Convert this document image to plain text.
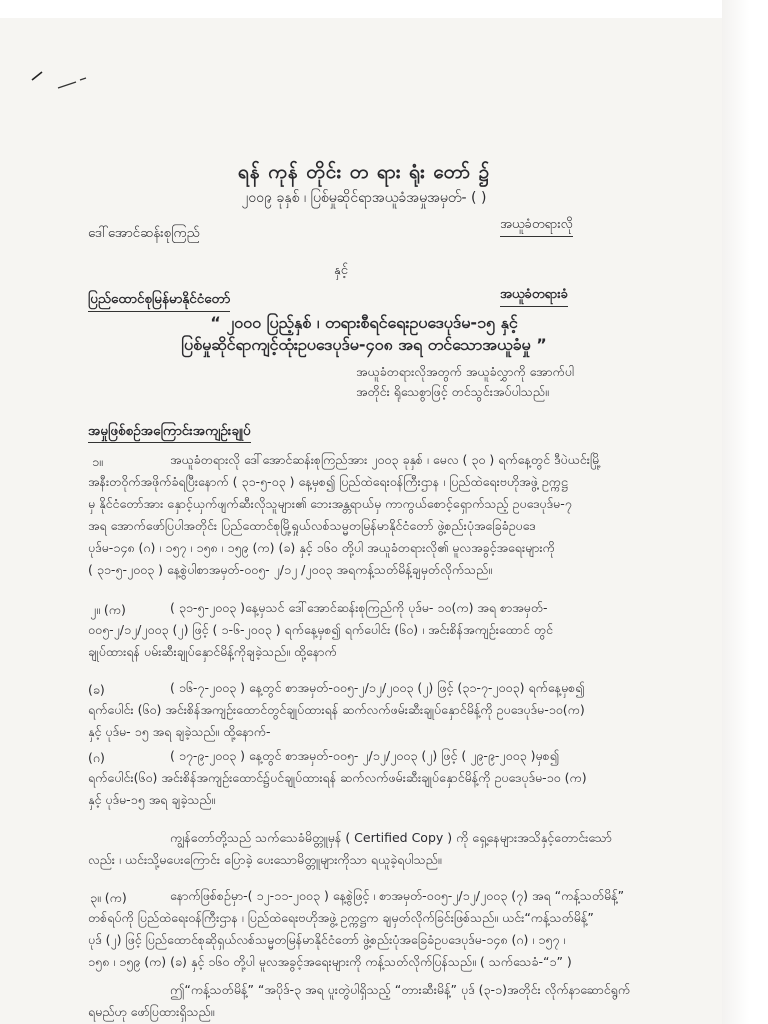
ရန် ကုန် တိုင်း တ ရား ရုံး တော် ၌
၂၀၀၉ ခုနှစ် ၊ ပြစ်မှုဆိုင်ရာအယူခံအမှုအမှတ်- ( )
ဒေါ်အောင်ဆန်းစုကြည်
အယူခံတရားလို
နှင့်
ပြည်ထောင်စုမြန်မာနိုင်ငံတော်	အယူခံတရားခံ
“ ၂၀၀၀ ပြည့်နှစ် ၊ တရားစီရင်ရေးဥပဒေပုဒ်မ-၁၅ နှင့်
ပြစ်မှုဆိုင်ရာကျင့်ထုံးဥပဒေပုဒ်မ-၄၀၈ အရ တင်သောအယူခံမှု ”
အယူခံတရားလိုအတွက် အယူခံလွှာကို အောက်ပါ
အတိုင်း ရိုသေစွာဖြင့် တင်သွင်းအပ်ပါသည်။
အမှုဖြစ်စဉ်အကြောင်းအကျဉ်းချုပ်
၁။	အယူခံတရားလို ဒေါ်အောင်ဆန်းစုကြည်အား ၂၀၀၃ ခုနှစ် ၊ မေလ ( ၃၀ ) ရက်နေ့တွင် ဒီပဲယင်းမြို့
အနီးတဝိုက်အဖိုက်ခံရပြီးနောက် ( ၃၁-၅-၀၃ ) နေ့မှစ၍ ပြည်ထဲရေးဝန်ကြီးဌာန ၊ ပြည်ထဲရေးဗဟိုအဖွဲ့ ဥက္ကဋ္ဌ
မှ နိုင်ငံတော်အား နှောင့်ယှက်ဖျက်ဆီးလိုသူများ၏ ဘေးအန္တရာယ်မှ ကာကွယ်စောင့်ရှောက်သည့် ဥပဒေပုဒ်မ-၇
အရ အောက်ဖော်ပြပါအတိုင်း ပြည်ထောင်စုမြို့ရှုယ်လစ်သမ္မတမြန်မာနိုင်ငံတော် ဖွဲ့စည်းပုံအခြေခံဥပဒေ
ပုဒ်မ-၁၄၈ (ဂ) ၊ ၁၅၇ ၊ ၁၅၈ ၊ ၁၅၉ (က) (ခ) နှင့် ၁၆၀ တို့ပါ အယူခံတရားလို၏ မူလအခွင့်အရေးများကို
( ၃၁-၅-၂၀၀၃ ) နေ့စွဲပါစာအမှတ်-၀၀၅- ၂/၁၂ /၂၀၀၃ အရကန့်သတ်မိန့်ချမှတ်လိုက်သည်။
၂။ (က)	( ၃၁-၅-၂၀၀၃ )နေ့မှသင် ဒေါ်အောင်ဆန်းစုကြည်ကို ပုဒ်မ- ၁၀(က) အရ စာအမှတ်-
၀၀၅-၂/၁၂/၂၀၀၃ (၂) ဖြင့် ( ၁-၆-၂၀၀၃ ) ရက်နေ့မှစ၍ ရက်ပေါင်း (၆၀) ၊ အင်းစိန်အကျဉ်းထောင် တွင်
ချုပ်ထားရန် ပမ်းဆီးချုပ်နှောင်မိန့်ကိုချခဲ့သည်။ ထို့နောက်
(ခ)	( ၁၆-၇-၂၀၀၃ ) နေ့တွင် စာအမှတ်-၀၀၅-၂/၁၂/၂၀၀၃ (၂) ဖြင့် (၃၁-၇-၂၀၀၃) ရက်နေ့မှစ၍
ရက်ပေါင်း (၆၀) အင်းစိန်အကျဉ်းထောင်တွင်ချုပ်ထားရန် ဆက်လက်ဖမ်းဆီးချုပ်နှောင်မိန့်ကို ဥပဒေပုဒ်မ-၁၀(က)
နှင့် ပုဒ်မ- ၁၅ အရ ချခဲ့သည်။ ထို့နောက်-
(ဂ)	( ၁၇-၉-၂၀၀၃ ) နေ့တွင် စာအမှတ်-၀၀၅- ၂/၁၂/၂၀၀၃ (၂) ဖြင့် ( ၂၉-၉-၂၀၀၃ )မှစ၍
ရက်ပေါင်း(၆၀) အင်းစိန်အကျဉ်းထောင်၌ပင်ချုပ်ထားရန် ဆက်လက်ဖမ်းဆီးချုပ်နှောင်မိန့်ကို ဥပဒေပုဒ်မ-၁၀ (က)
နှင့် ပုဒ်မ-၁၅ အရ ချခဲ့သည်။
ကျွန်တော်တို့သည် သက်သေခံမိတ္တူမှန် ( Certified Copy ) ကို ရှေ့နေများအသိနှင့်တောင်းသော်
လည်း ၊ ယင်းသို့မပေးကြောင်း ပြောခဲ့ ပေးသောမိတ္တူများကိုသာ ရယူခဲ့ရပါသည်။
၃။ (က)	နောက်ဖြစ်စဉ်မှာ-( ၁၂-၁၁-၂၀၀၃ ) နေ့စွဲဖြင့် ၊ စာအမှတ်-၀၀၅-၂/၁၂/၂၀၀၃ (၇) အရ “ကန့်သတ်မိန့်”
တစ်ရပ်ကို ပြည်ထဲရေးဝန်ကြီးဌာန ၊ ပြည်ထဲရေးဗဟိုအဖွဲ့ ဥက္ကဋ္ဌက ချမှတ်လိုက်ခြင်းဖြစ်သည်။ ယင်း“ကန့်သတ်မိန့်”
ပုဒ် (၂) ဖြင့် ပြည်ထောင်စုဆိုရှယ်လစ်သမ္မတမြန်မာနိုင်ငံတော် ဖွဲ့စည်းပုံအခြေခံဥပဒေပုဒ်မ-၁၄၈ (ဂ) ၊ ၁၅၇ ၊
၁၅၈ ၊ ၁၅၉ (က) (ခ) နှင့် ၁၆၀ တို့ပါ မူလအခွင့်အရေးများကို ကန့်သတ်လိုက်ပြန်သည်။ ( သက်သေခံ-“၁” )
ဤ“ကန့်သတ်မိန့်” “အပိုဒ်-၃ အရ ပူးတွဲပါရှိသည့် “တားဆီးမိန့်” ပုဒ် (၃-၁)အတိုင်း လိုက်နာဆောင်ရွက်
ရမည်ဟု ဖော်ပြထားရှိသည်။
